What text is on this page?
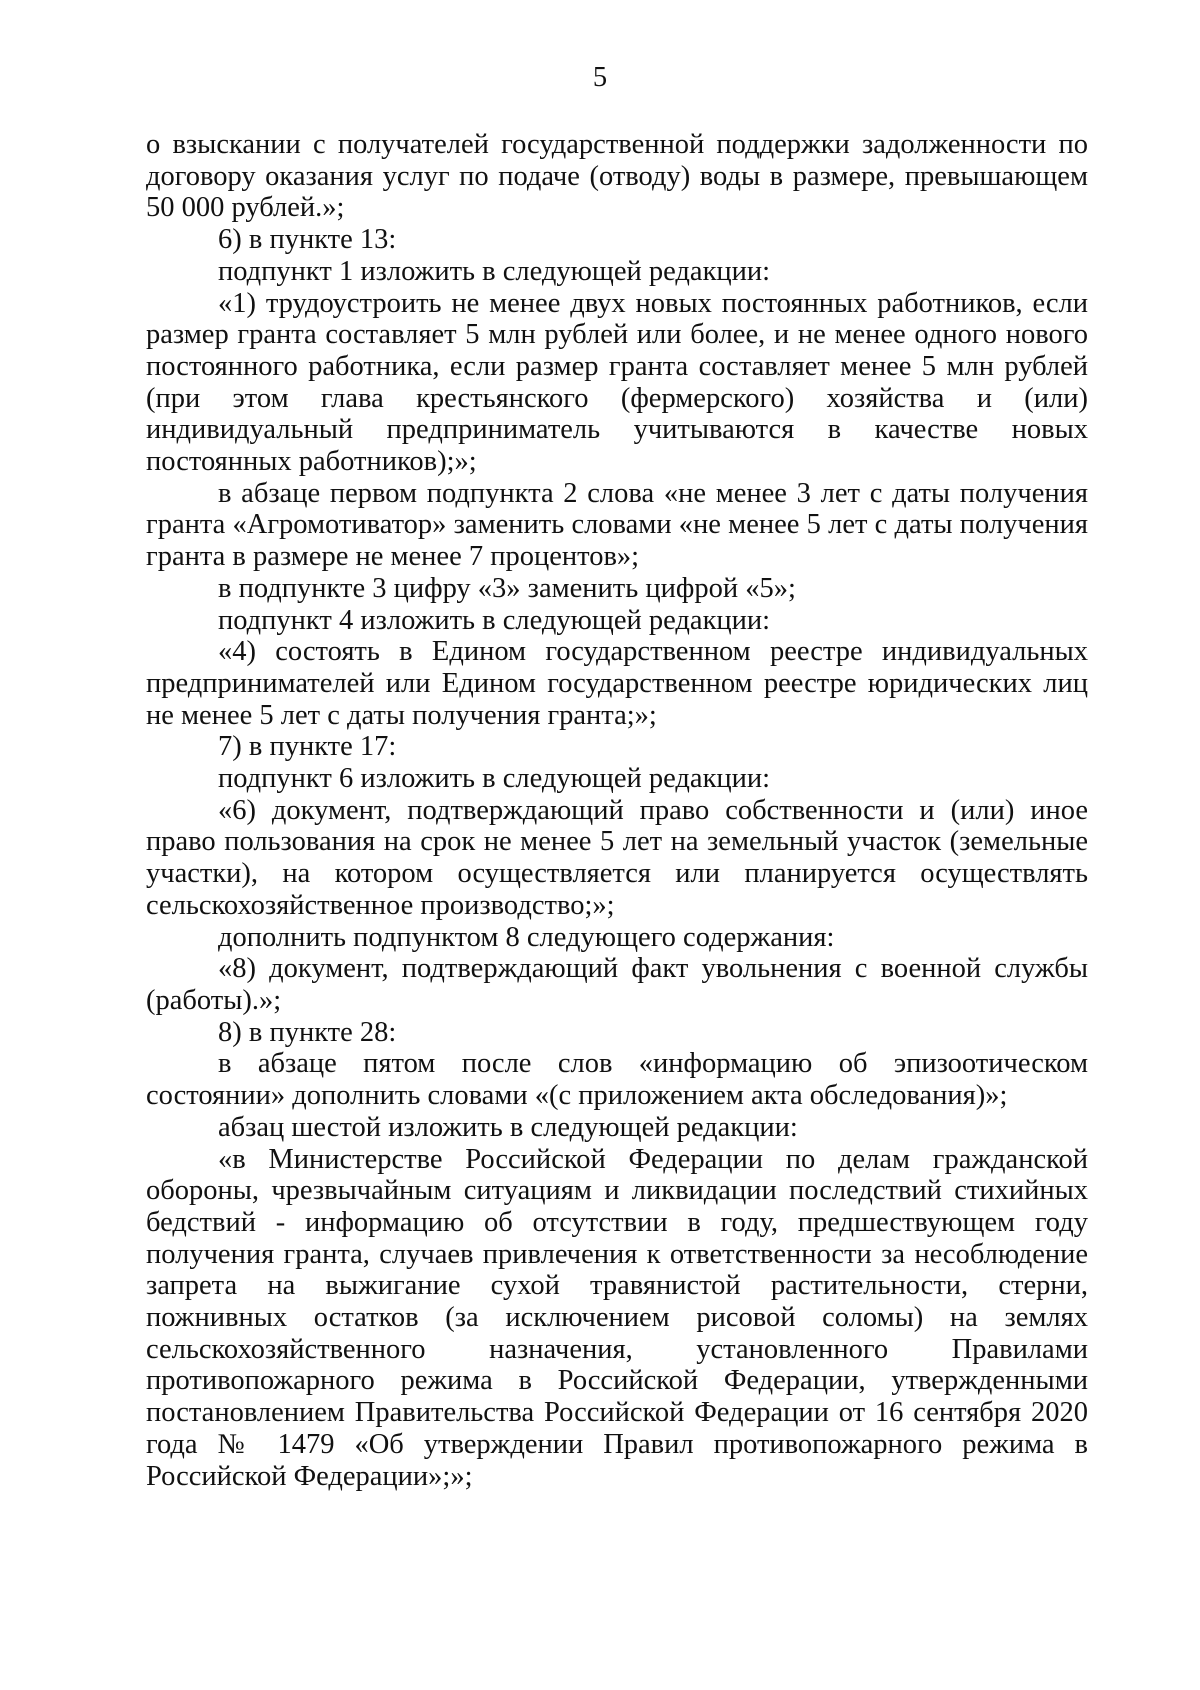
5

о взыскании с получателей государственной поддержки задолженности по договору оказания услуг по подаче (отводу) воды в размере, превышающем 50 000 рублей.»;

6) в пункте 13:

подпункт 1 изложить в следующей редакции:

«1) трудоустроить не менее двух новых постоянных работников, если размер гранта составляет 5 млн рублей или более, и не менее одного нового постоянного работника, если размер гранта составляет менее 5 млн рублей (при этом глава крестьянского (фермерского) хозяйства и (или) индивидуальный предприниматель учитываются в качестве новых постоянных работников);»;

в абзаце первом подпункта 2 слова «не менее 3 лет с даты получения гранта «Агромотиватор» заменить словами «не менее 5 лет с даты получения гранта в размере не менее 7 процентов»;

в подпункте 3 цифру «3» заменить цифрой «5»;

подпункт 4 изложить в следующей редакции:

«4) состоять в Едином государственном реестре индивидуальных предпринимателей или Едином государственном реестре юридических лиц не менее 5 лет с даты получения гранта;»;

7) в пункте 17:

подпункт 6 изложить в следующей редакции:

«6) документ, подтверждающий право собственности и (или) иное право пользования на срок не менее 5 лет на земельный участок (земельные участки), на котором осуществляется или планируется осуществлять сельскохозяйственное производство;»;

дополнить подпунктом 8 следующего содержания:

«8) документ, подтверждающий факт увольнения с военной службы (работы).»;

8) в пункте 28:

в абзаце пятом после слов «информацию об эпизоотическом состоянии» дополнить словами «(с приложением акта обследования)»;

абзац шестой изложить в следующей редакции:

«в Министерстве Российской Федерации по делам гражданской обороны, чрезвычайным ситуациям и ликвидации последствий стихийных бедствий - информацию об отсутствии в году, предшествующем году получения гранта, случаев привлечения к ответственности за несоблюдение запрета на выжигание сухой травянистой растительности, стерни, пожнивных остатков (за исключением рисовой соломы) на землях сельскохозяйственного назначения, установленного Правилами противопожарного режима в Российской Федерации, утвержденными постановлением Правительства Российской Федерации от 16 сентября 2020 года № 1479 «Об утверждении Правил противопожарного режима в Российской Федерации»;»;
